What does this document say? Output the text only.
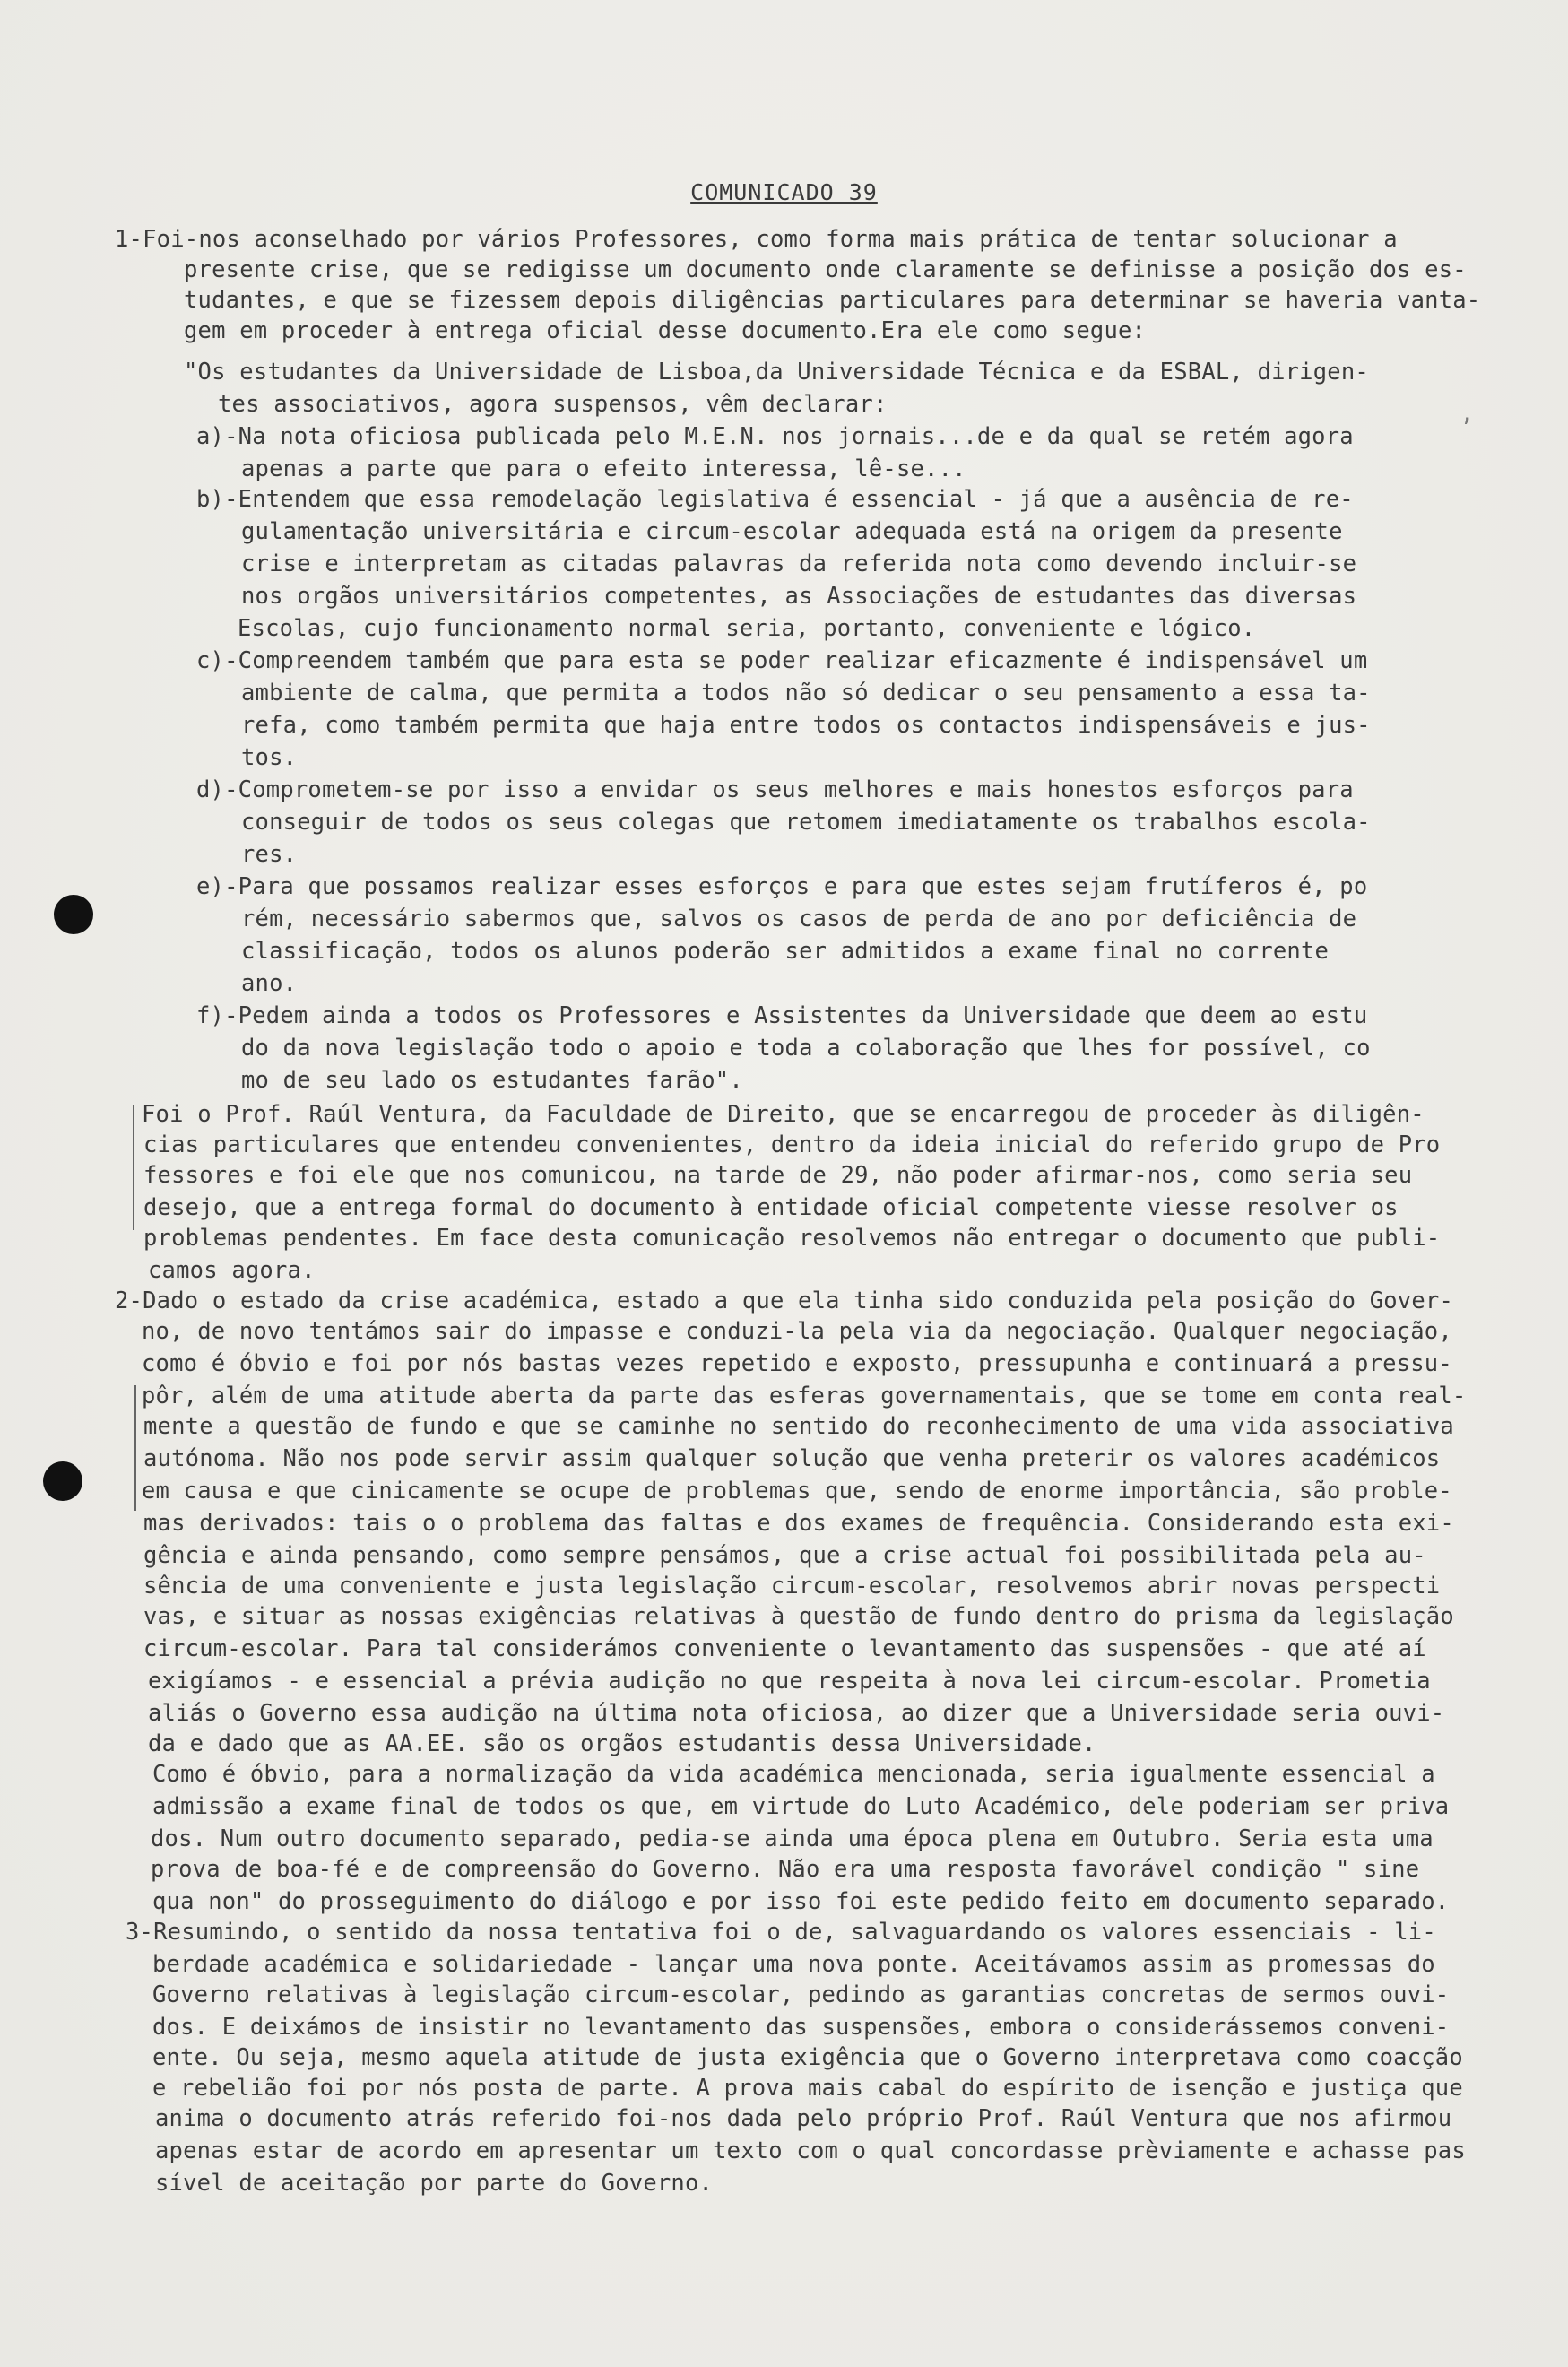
’
COMUNICADO 39
1-Foi-nos aconselhado por vários Professores, como forma mais prática de tentar solucionar a
presente crise, que se redigisse um documento onde claramente se definisse a posição dos es-
tudantes, e que se fizessem depois diligências particulares para determinar se haveria vanta-
gem em proceder à entrega oficial desse documento.Era ele como segue:
"Os estudantes da Universidade de Lisboa,da Universidade Técnica e da ESBAL, dirigen-
tes associativos, agora suspensos, vêm declarar:
a)-Na nota oficiosa publicada pelo M.E.N. nos jornais...de e da qual se retém agora
apenas a parte que para o efeito interessa, lê-se...
b)-Entendem que essa remodelação legislativa é essencial - já que a ausência de re-
gulamentação universitária e circum-escolar adequada está na origem da presente
crise e interpretam as citadas palavras da referida nota como devendo incluir-se
nos orgãos universitários competentes, as Associações de estudantes das diversas
Escolas, cujo funcionamento normal seria, portanto, conveniente e lógico.
c)-Compreendem também que para esta se poder realizar eficazmente é indispensável um
ambiente de calma, que permita a todos não só dedicar o seu pensamento a essa ta-
refa, como também permita que haja entre todos os contactos indispensáveis e jus-
tos.
d)-Comprometem-se por isso a envidar os seus melhores e mais honestos esforços para
conseguir de todos os seus colegas que retomem imediatamente os trabalhos escola-
res.
e)-Para que possamos realizar esses esforços e para que estes sejam frutíferos é, po
rém, necessário sabermos que, salvos os casos de perda de ano por deficiência de
classificação, todos os alunos poderão ser admitidos a exame final no corrente
ano.
f)-Pedem ainda a todos os Professores e Assistentes da Universidade que deem ao estu
do da nova legislação todo o apoio e toda a colaboração que lhes for possível, co
mo de seu lado os estudantes farão".
Foi o Prof. Raúl Ventura, da Faculdade de Direito, que se encarregou de proceder às diligên-
cias particulares que entendeu convenientes, dentro da ideia inicial do referido grupo de Pro
fessores e foi ele que nos comunicou, na tarde de 29, não poder afirmar-nos, como seria seu
desejo, que a entrega formal do documento à entidade oficial competente viesse resolver os
problemas pendentes. Em face desta comunicação resolvemos não entregar o documento que publi-
camos agora.
2-Dado o estado da crise académica, estado a que ela tinha sido conduzida pela posição do Gover-
no, de novo tentámos sair do impasse e conduzi-la pela via da negociação. Qualquer negociação,
como é óbvio e foi por nós bastas vezes repetido e exposto, pressupunha e continuará a pressu-
pôr, além de uma atitude aberta da parte das esferas governamentais, que se tome em conta real-
mente a questão de fundo e que se caminhe no sentido do reconhecimento de uma vida associativa
autónoma. Não nos pode servir assim qualquer solução que venha preterir os valores académicos
em causa e que cinicamente se ocupe de problemas que, sendo de enorme importância, são proble-
mas derivados: tais o o problema das faltas e dos exames de frequência. Considerando esta exi-
gência e ainda pensando, como sempre pensámos, que a crise actual foi possibilitada pela au-
sência de uma conveniente e justa legislação circum-escolar, resolvemos abrir novas perspecti
vas, e situar as nossas exigências relativas à questão de fundo dentro do prisma da legislação
circum-escolar. Para tal considerámos conveniente o levantamento das suspensões - que até aí
exigíamos - e essencial a prévia audição no que respeita à nova lei circum-escolar. Prometia
aliás o Governo essa audição na última nota oficiosa, ao dizer que a Universidade seria ouvi-
da e dado que as AA.EE. são os orgãos estudantis dessa Universidade.
Como é óbvio, para a normalização da vida académica mencionada, seria igualmente essencial a
admissão a exame final de todos os que, em virtude do Luto Académico, dele poderiam ser priva
dos. Num outro documento separado, pedia-se ainda uma época plena em Outubro. Seria esta uma
prova de boa-fé e de compreensão do Governo. Não era uma resposta favorável condição " sine
qua non" do prosseguimento do diálogo e por isso foi este pedido feito em documento separado.
3-Resumindo, o sentido da nossa tentativa foi o de, salvaguardando os valores essenciais - li-
berdade académica e solidariedade - lançar uma nova ponte. Aceitávamos assim as promessas do
Governo relativas à legislação circum-escolar, pedindo as garantias concretas de sermos ouvi-
dos. E deixámos de insistir no levantamento das suspensões, embora o considerássemos conveni-
ente. Ou seja, mesmo aquela atitude de justa exigência que o Governo interpretava como coacção
e rebelião foi por nós posta de parte. A prova mais cabal do espírito de isenção e justiça que
anima o documento atrás referido foi-nos dada pelo próprio Prof. Raúl Ventura que nos afirmou
apenas estar de acordo em apresentar um texto com o qual concordasse prèviamente e achasse pas
sível de aceitação por parte do Governo.
